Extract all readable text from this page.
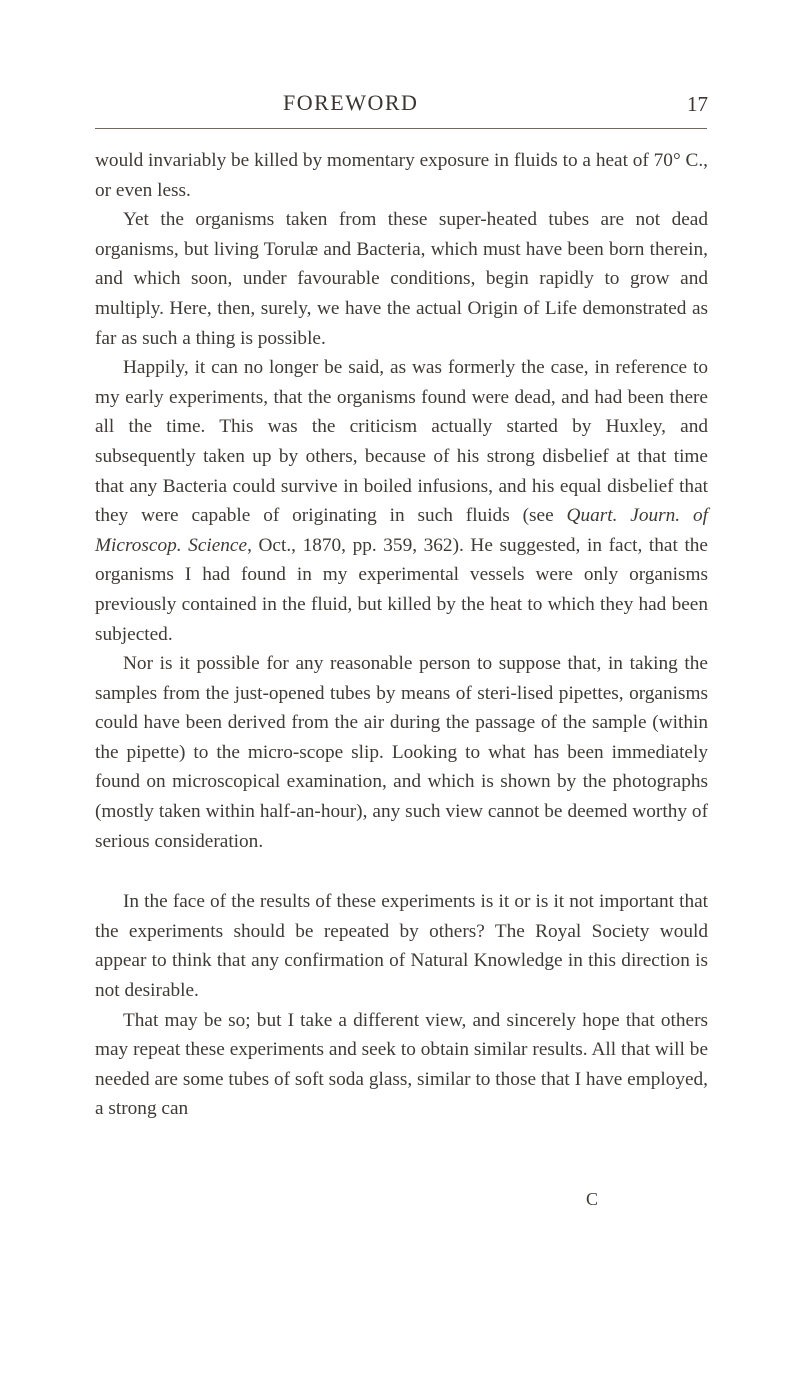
FOREWORD	17

would invariably be killed by momentary exposure in fluids to a heat of 70° C., or even less.

Yet the organisms taken from these super-heated tubes are not dead organisms, but living Torulæ and Bacteria, which must have been born therein, and which soon, under favourable conditions, begin rapidly to grow and multiply. Here, then, surely, we have the actual Origin of Life demonstrated as far as such a thing is possible.

Happily, it can no longer be said, as was formerly the case, in reference to my early experiments, that the organisms found were dead, and had been there all the time. This was the criticism actually started by Huxley, and subsequently taken up by others, because of his strong disbelief at that time that any Bacteria could survive in boiled infusions, and his equal disbelief that they were capable of originating in such fluids (see Quart. Journ. of Microscop. Science, Oct., 1870, pp. 359, 362). He suggested, in fact, that the organisms I had found in my experimental vessels were only organisms previously contained in the fluid, but killed by the heat to which they had been subjected.

Nor is it possible for any reasonable person to suppose that, in taking the samples from the just-opened tubes by means of steri-lised pipettes, organisms could have been derived from the air during the passage of the sample (within the pipette) to the micro-scope slip. Looking to what has been immediately found on microscopical examination, and which is shown by the photographs (mostly taken within half-an-hour), any such view cannot be deemed worthy of serious consideration.

In the face of the results of these experiments is it or is it not important that the experiments should be repeated by others? The Royal Society would appear to think that any confirmation of Natural Knowledge in this direction is not desirable.

That may be so; but I take a different view, and sincerely hope that others may repeat these experiments and seek to obtain similar results. All that will be needed are some tubes of soft soda glass, similar to those that I have employed, a strong can

C
